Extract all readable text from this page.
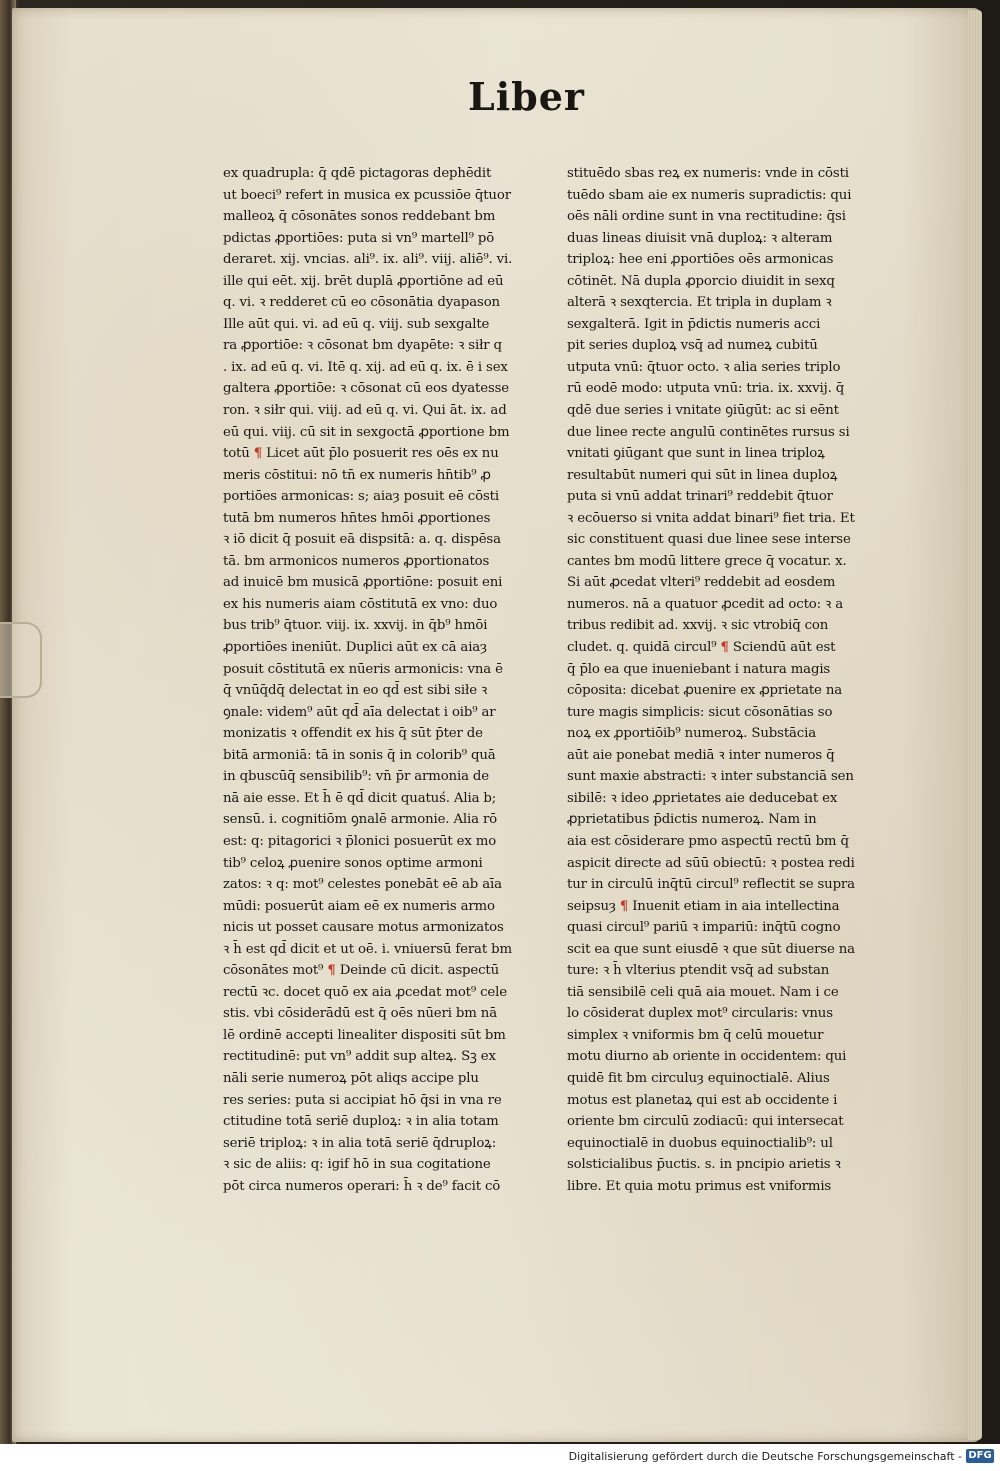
Liber
ex quadrupla: q̄ qdē pictagoras dephēdit
ut boeci⁹ refert in musica ex pcussiōe q̄tuor
malleoꝝ q̄ cōsonātes sonos reddebant bm
pdictas ꝓportiōes: puta si vn⁹ martell⁹ pō
deraret. xij. vncias. ali⁹. ix. ali⁹. viij. aliē⁹. vi.
ille qui eēt. xij. brēt duplā ꝓportiōne ad eū
q. vi. ꝛ redderet cū eo cōsonātia dyapason
Ille aūt qui. vi. ad eū q. viij. sub sexgalte
ra ꝓportiōe: ꝛ cōsonat bm dyapēte: ꝛ siłr q
. ix. ad eū q. vi. Itē q. xij. ad eū q. ix. ē i sex
galtera ꝓportiōe: ꝛ cōsonat cū eos dyatesse
ron. ꝛ siłr qui. viij. ad eū q. vi. Qui āt. ix. ad
eū qui. viij. cū sit in sexgoctā ꝓportione bm
totū ¶ Licet aūt p̄lo posuerit res oēs ex nu
meris cōstitui: nō tn̄ ex numeris hn̄tib⁹ ꝓ
portiōes armonicas: s; aiaȝ posuit eē cōsti
tutā bm numeros hn̄tes hmōi ꝓportiones
ꝛ iō dicit q̄ posuit eā dispsitā: a. q. dispēsa
tā. bm armonicos numeros ꝓportionatos
ad inuicē bm musicā ꝓportiōne: posuit eni
ex his numeris aiam cōstitutā ex vno: duo
bus trib⁹ q̄tuor. viij. ix. xxvij. in q̄b⁹ hmōi
ꝓportiōes ineniūt. Duplici aūt ex cā aiaȝ
posuit cōstitutā ex nūeris armonicis: vna ē
q̄ vnūq̄dq̄ delectat in eo qd̄ est sibi siłe ꝛ
ꝯnale: videm⁹ aūt qd̄ aīa delectat i oib⁹ ar
monizatis ꝛ offendit ex his q̄ sūt p̄ter de
bitā armoniā: tā in sonis q̄ in colorib⁹ quā
in qbuscūq̄ sensibilib⁹: vn̄ p̄r armonia de
nā aie esse. Et h̄ ē qd̄ dicit quatuś. Alia b;
sensū. i. cognitiōm ꝯnalē armonie. Alia rō
est: q: pitagorici ꝛ p̄lonici posuerūt ex mo
tib⁹ celoꝝ ꝓuenire sonos optime armoni
zatos: ꝛ q: mot⁹ celestes ponebāt eē ab aīa
mūdi: posuerūt aiam eē ex numeris armo
nicis ut posset causare motus armonizatos
ꝛ h̄ est qd̄ dicit et ut oē. i. vniuersū ferat bm
cōsonātes mot⁹ ¶ Deinde cū dicit. aspectū
rectū ꝛc. docet quō ex aia ꝓcedat mot⁹ cele
stis. vbi cōsiderādū est q̄ oēs nūeri bm nā
lē ordinē accepti linealiter dispositi sūt bm
rectitudinē: put vn⁹ addit sup alteꝝ. Sꝫ ex
nāli serie numeroꝝ pōt aliqs accipe plu
res series: puta si accipiat hō q̄si in vna re
ctitudine totā seriē duploꝝ: ꝛ in alia totam
seriē triploꝝ: ꝛ in alia totā seriē q̄druploꝝ:
ꝛ sic de aliis: q: igif hō in sua cogitatione
pōt circa numeros operari: h̄ ꝛ de⁹ facit cō
stituēdo sbas reꝝ ex numeris: vnde in cōsti
tuēdo sbam aie ex numeris supradictis: qui
oēs nāli ordine sunt in vna rectitudine: q̄si
duas lineas diuisit vnā duploꝝ: ꝛ alteram
triploꝝ: hee eni ꝓportiōes oēs armonicas
cōtinēt. Nā dupla ꝓporcio diuidit in sexq
alterā ꝛ sexqtercia. Et tripla in duplam ꝛ
sexgalterā. Igit in p̄dictis numeris acci
pit series duploꝝ vsq̄ ad numeꝝ cubitū
utputa vnū: q̄tuor octo. ꝛ alia series triplo
rū eodē modo: utputa vnū: tria. ix. xxvij. q̄
qdē due series i vnitate ꝯiūgūt: ac si eēnt
due linee recte angulū continētes rursus si
vnitati ꝯiūgant que sunt in linea triploꝝ
resultabūt numeri qui sūt in linea duploꝝ
puta si vnū addat trinari⁹ reddebit q̄tuor
ꝛ ecōuerso si vnita addat binari⁹ fiet tria. Et
sic constituent quasi due linee sese interse
cantes bm modū littere grece q̄ vocatur. x.
Si aūt ꝓcedat vlteri⁹ reddebit ad eosdem
numeros. nā a quatuor ꝓcedit ad octo: ꝛ a
tribus redibit ad. xxvij. ꝛ sic vtrobiq̄ con
cludet. q. quidā circul⁹ ¶ Sciendū aūt est
q̄ p̄lo ea que inueniebant i natura magis
cōposita: dicebat ꝓuenire ex ꝓprietate na
ture magis simplicis: sicut cōsonātias so
noꝝ ex ꝓportiōib⁹ numeroꝝ. Substācia
aūt aie ponebat mediā ꝛ inter numeros q̄
sunt maxie abstracti: ꝛ inter substanciā sen
sibilē: ꝛ ideo ꝓprietates aie deducebat ex
ꝓprietatibus p̄dictis numeroꝝ. Nam in
aia est cōsiderare pmo aspectū rectū bm q̄
aspicit directe ad sūū obiectū: ꝛ postea redi
tur in circulū inq̄tū circul⁹ reflectit se supra
seipsuȝ ¶ Inuenit etiam in aia intellectina
quasi circul⁹ pariū ꝛ impariū: inq̄tū cogno
scit ea que sunt eiusdē ꝛ que sūt diuerse na
ture: ꝛ h̄ vlterius ptendit vsq̄ ad substan
tiā sensibilē celi quā aia mouet. Nam i ce
lo cōsiderat duplex mot⁹ circularis: vnus
simplex ꝛ vniformis bm q̄ celū mouetur
motu diurno ab oriente in occidentem: qui
quidē fit bm circuluȝ equinoctialē. Alius
motus est planetaꝝ qui est ab occidente i
oriente bm circulū zodiacū: qui intersecat
equinoctialē in duobus equinoctialib⁹: ul
solsticialibus p̄uctis. s. in pncipio arietis ꝛ
libre. Et quia motu primus est vniformis
Digitalisierung gefördert durch die Deutsche Forschungsgemeinschaft - DFG
